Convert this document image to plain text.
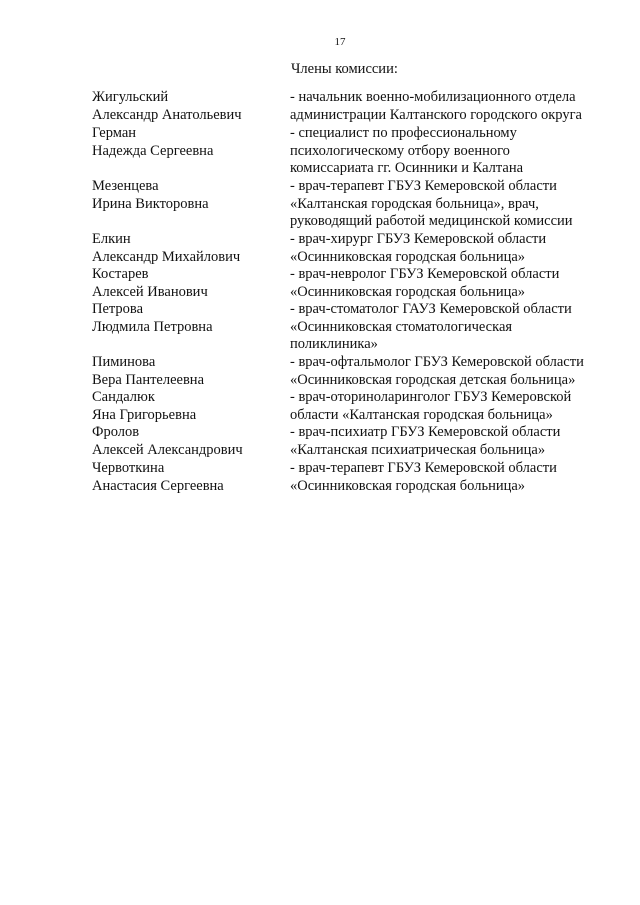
17
Члены комиссии:
Жигульский
Александр Анатольевич
- начальник военно-мобилизационного отдела
администрации Калтанского городского округа
Герман
Надежда Сергеевна
- специалист по профессиональному
психологическому отбору военного
комиссариата гг. Осинники и Калтана
Мезенцева
Ирина Викторовна
- врач-терапевт ГБУЗ Кемеровской области
«Калтанская городская больница», врач,
руководящий работой медицинской комиссии
Елкин
Александр Михайлович
- врач-хирург ГБУЗ Кемеровской области
«Осинниковская городская больница»
Костарев
Алексей Иванович
- врач-невролог ГБУЗ Кемеровской области
«Осинниковская городская больница»
Петрова
Людмила Петровна
- врач-стоматолог ГАУЗ Кемеровской области
«Осинниковская стоматологическая
поликлиника»
Пиминова
Вера Пантелеевна
- врач-офтальмолог ГБУЗ Кемеровской области
«Осинниковская городская детская больница»
Сандалюк
Яна Григорьевна
- врач-оториноларинголог ГБУЗ Кемеровской
области «Калтанская городская больница»
Фролов
Алексей Александрович
- врач-психиатр ГБУЗ Кемеровской области
«Калтанская психиатрическая больница»
Червоткина
Анастасия Сергеевна
- врач-терапевт ГБУЗ Кемеровской области
«Осинниковская городская больница»
